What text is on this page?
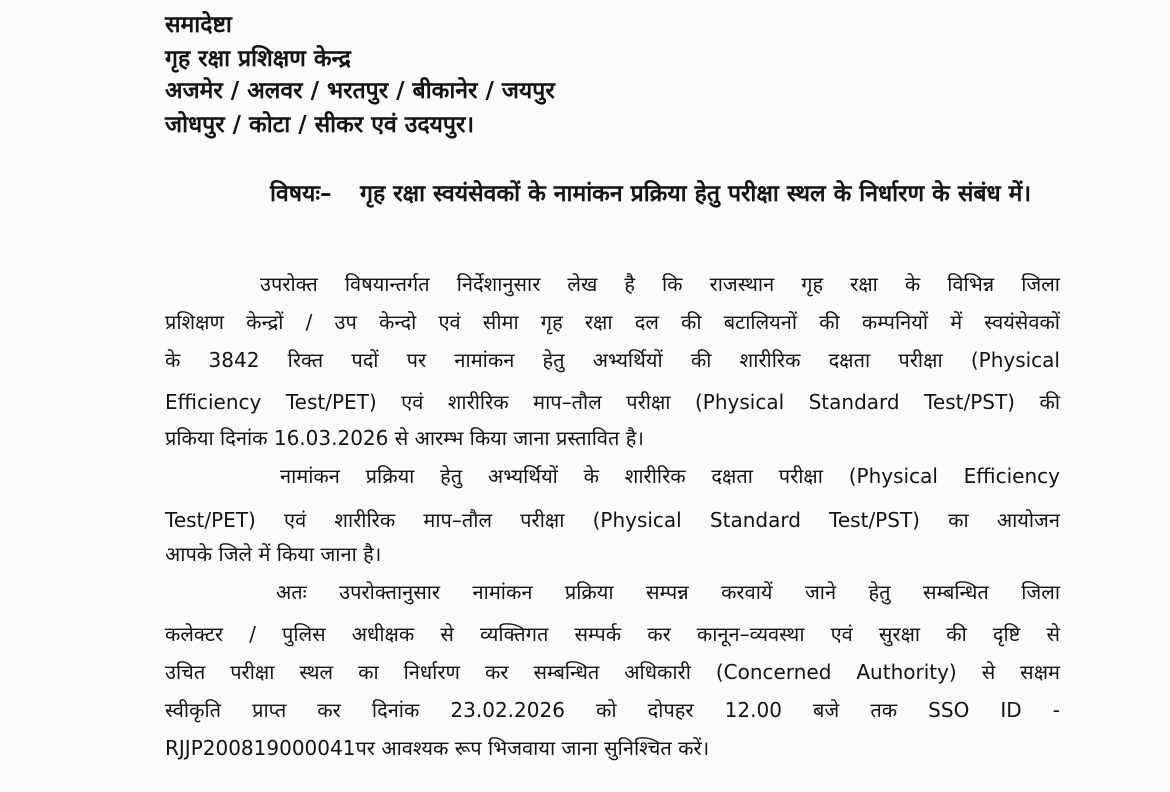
समादेष्टा

गृह रक्षा प्रशिक्षण केन्द्र

अजमेर / अलवर / भरतपुर / बीकानेर / जयपुर

जोधपुर / कोटा / सीकर एवं उदयपुर।

विषयः– गृह रक्षा स्वयंसेवकों के नामांकन प्रक्रिया हेतु परीक्षा स्थल के निर्धारण के संबंध में।

उपरोक्त विषयान्तर्गत निर्देशानुसार लेख है कि राजस्थान गृह रक्षा के विभिन्न जिला

प्रशिक्षण केन्द्रों / उप केन्दो एवं सीमा गृह रक्षा दल की बटालियनों की कम्पनियों में स्वयंसेवकों

के 3842 रिक्त पदों पर नामांकन हेतु अभ्यर्थियों की शारीरिक दक्षता परीक्षा (Physical

Efficiency Test/PET) एवं शारीरिक माप–तौल परीक्षा (Physical Standard Test/PST) की

प्रकिया दिनांक 16.03.2026 से आरम्भ किया जाना प्रस्तावित है।

नामांकन प्रक्रिया हेतु अभ्यर्थियों के शारीरिक दक्षता परीक्षा (Physical Efficiency

Test/PET) एवं शारीरिक माप–तौल परीक्षा (Physical Standard Test/PST) का आयोजन

आपके जिले में किया जाना है।

अतः उपरोक्तानुसार नामांकन प्रक्रिया सम्पन्न करवायें जाने हेतु सम्बन्धित जिला

कलेक्टर / पुलिस अधीक्षक से व्यक्तिगत सम्पर्क कर कानून–व्यवस्था एवं सुरक्षा की दृष्टि से

उचित परीक्षा स्थल का निर्धारण कर सम्बन्धित अधिकारी (Concerned Authority) से सक्षम

स्वीकृति प्राप्त कर दिनांक 23.02.2026 को दोपहर 12.00 बजे तक SSO ID -

RJJP200819000041पर आवश्यक रूप भिजवाया जाना सुनिश्चित करें।
